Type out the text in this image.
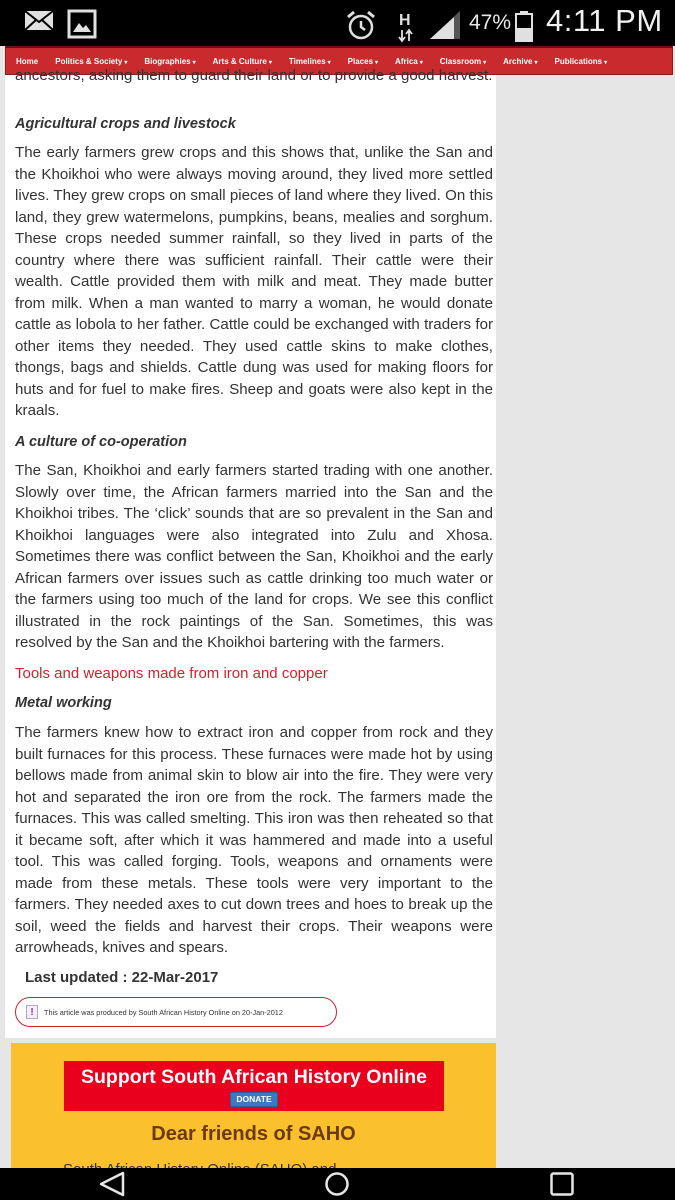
H	47% 4:11 PM
Home Politics & Society ▾ Biographies ▾ Arts & Culture ▾ Timelines ▾ Places ▾ Africa ▾ Classroom ▾ Archive ▾ Publications ▾

ancestors, asking them to guard their land or to provide a good harvest.

Agricultural crops and livestock

The early farmers grew crops and this shows that, unlike the San and the Khoikhoi who were always moving around, they lived more settled lives. They grew crops on small pieces of land where they lived. On this land, they grew watermelons, pumpkins, beans, mealies and sorghum. These crops needed summer rainfall, so they lived in parts of the country where there was sufficient rainfall. Their cattle were their wealth. Cattle provided them with milk and meat. They made butter from milk. When a man wanted to marry a woman, he would donate cattle as lobola to her father. Cattle could be exchanged with traders for other items they needed. They used cattle skins to make clothes, thongs, bags and shields. Cattle dung was used for making floors for huts and for fuel to make fires. Sheep and goats were also kept in the kraals.

A culture of co-operation

The San, Khoikhoi and early farmers started trading with one another. Slowly over time, the African farmers married into the San and the Khoikhoi tribes. The ‘click’ sounds that are so prevalent in the San and Khoikhoi languages were also integrated into Zulu and Xhosa. Sometimes there was conflict between the San, Khoikhoi and the early African farmers over issues such as cattle drinking too much water or the farmers using too much of the land for crops. We see this conflict illustrated in the rock paintings of the San. Sometimes, this was resolved by the San and the Khoikhoi bartering with the farmers.

Tools and weapons made from iron and copper
Metal working

The farmers knew how to extract iron and copper from rock and they built furnaces for this process. These furnaces were made hot by using bellows made from animal skin to blow air into the fire. They were very hot and separated the iron ore from the rock. The farmers made the furnaces. This was called smelting. This iron was then reheated so that it became soft, after which it was hammered and made into a useful tool. This was called forging. Tools, weapons and ornaments were made from these metals. These tools were very important to the farmers. They needed axes to cut down trees and hoes to break up the soil, weed the fields and harvest their crops. Their weapons were arrowheads, knives and spears.

Last updated : 22-Mar-2017
!	This article was produced by South African History Online on 20-Jan-2012
Support South African History Online
DONATE
Dear friends of SAHO
